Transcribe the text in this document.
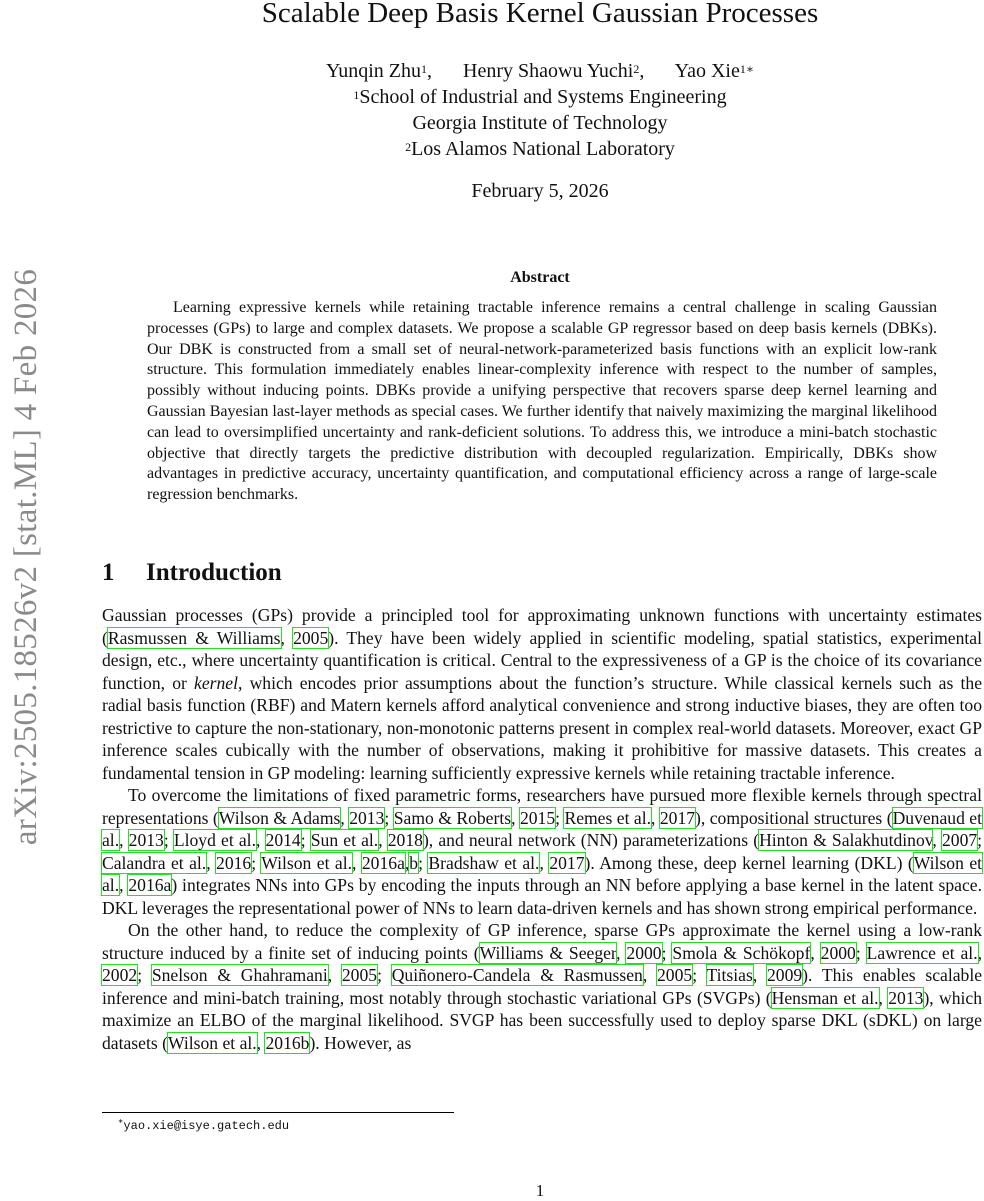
arXiv:2505.18526v2 [stat.ML] 4 Feb 2026
Scalable Deep Basis Kernel Gaussian Processes
Yunqin Zhu$^1$, Henry Shaowu Yuchi$^2$, Yao Xie$^{1∗}$
$^1$School of Industrial and Systems Engineering
Georgia Institute of Technology
$^2$Los Alamos National Laboratory
February 5, 2026
Abstract
Learning expressive kernels while retaining tractable inference remains a central challenge in scaling Gaussian processes (GPs) to large and complex datasets. We propose a scalable GP regressor based on deep basis kernels (DBKs). Our DBK is constructed from a small set of neural-network-parameterized basis functions with an explicit low-rank structure. This formulation immediately enables linear-complexity inference with respect to the number of samples, possibly without inducing points. DBKs provide a unifying perspective that recovers sparse deep kernel learning and Gaussian Bayesian last-layer methods as special cases. We further identify that naively maximizing the marginal likelihood can lead to oversimplified uncertainty and rank-deficient solutions. To address this, we introduce a mini-batch stochastic objective that directly targets the predictive distribution with decoupled regularization. Empirically, DBKs show advantages in predictive accuracy, uncertainty quantification, and computational efficiency across a range of large-scale regression benchmarks.
1 Introduction

Gaussian processes (GPs) provide a principled tool for approximating unknown functions with uncertainty estimates (Rasmussen & Williams, 2005). They have been widely applied in scientific modeling, spatial statistics, experimental design, etc., where uncertainty quantification is critical. Central to the expressiveness of a GP is the choice of its covariance function, or kernel, which encodes prior assumptions about the function’s structure. While classical kernels such as the radial basis function (RBF) and Matern kernels afford analytical convenience and strong inductive biases, they are often too restrictive to capture the non-stationary, non-monotonic patterns present in complex real-world datasets. Moreover, exact GP inference scales cubically with the number of observations, making it prohibitive for massive datasets. This creates a fundamental tension in GP modeling: learning sufficiently expressive kernels while retaining tractable inference.

To overcome the limitations of fixed parametric forms, researchers have pursued more flexible kernels through spectral representations (Wilson & Adams, 2013; Samo & Roberts, 2015; Remes et al., 2017), compositional structures (Duvenaud et al., 2013; Lloyd et al., 2014; Sun et al., 2018), and neural network (NN) parameterizations (Hinton & Salakhutdinov, 2007; Calandra et al., 2016; Wilson et al., 2016a,b; Bradshaw et al., 2017). Among these, deep kernel learning (DKL) (Wilson et al., 2016a) integrates NNs into GPs by encoding the inputs through an NN before applying a base kernel in the latent space. DKL leverages the representational power of NNs to learn data-driven kernels and has shown strong empirical performance.

On the other hand, to reduce the complexity of GP inference, sparse GPs approximate the kernel using a low-rank structure induced by a finite set of inducing points (Williams & Seeger, 2000; Smola & Schökopf, 2000; Lawrence et al., 2002; Snelson & Ghahramani, 2005; Quiñonero-Candela & Rasmussen, 2005; Titsias, 2009). This enables scalable inference and mini-batch training, most notably through stochastic variational GPs (SVGPs) (Hensman et al., 2013), which maximize an ELBO of the marginal likelihood. SVGP has been successfully used to deploy sparse DKL (sDKL) on large datasets (Wilson et al., 2016b). However, as

∗yao.xie@isye.gatech.edu
1
